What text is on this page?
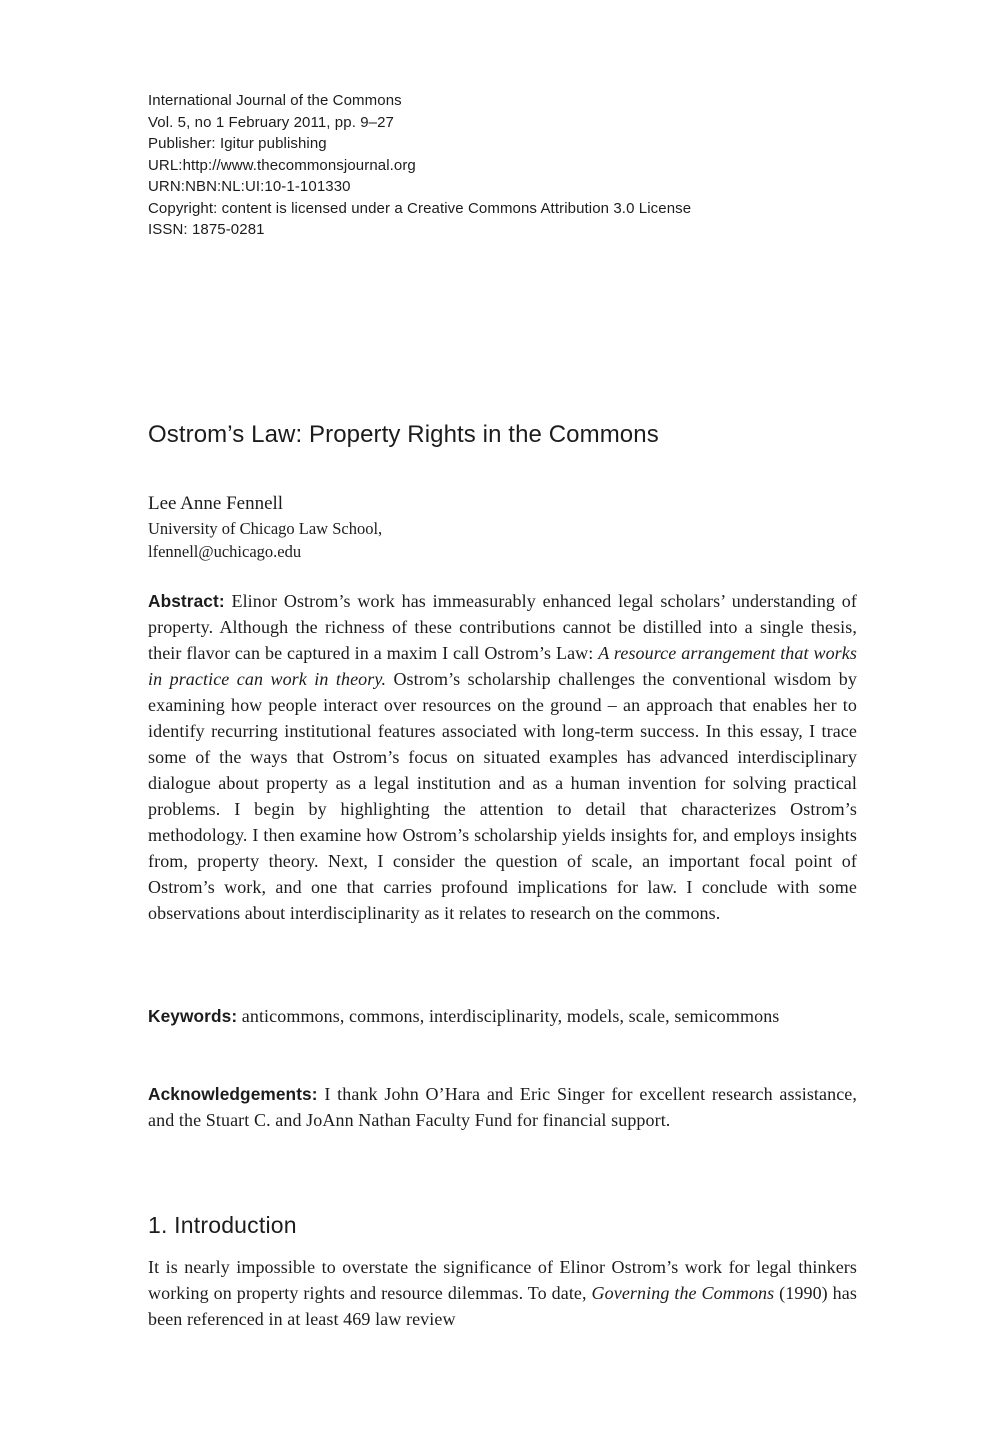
International Journal of the Commons
Vol. 5, no 1 February 2011, pp. 9–27
Publisher: Igitur publishing
URL:http://www.thecommonsjournal.org
URN:NBN:NL:UI:10-1-101330
Copyright: content is licensed under a Creative Commons Attribution 3.0 License
ISSN: 1875-0281
Ostrom’s Law: Property Rights in the Commons
Lee Anne Fennell
University of Chicago Law School,
lfennell@uchicago.edu

Abstract: Elinor Ostrom’s work has immeasurably enhanced legal scholars’ understanding of property. Although the richness of these contributions cannot be distilled into a single thesis, their flavor can be captured in a maxim I call Ostrom’s Law: A resource arrangement that works in practice can work in theory. Ostrom’s scholarship challenges the conventional wisdom by examining how people interact over resources on the ground – an approach that enables her to identify recurring institutional features associated with long-term success. In this essay, I trace some of the ways that Ostrom’s focus on situated examples has advanced interdisciplinary dialogue about property as a legal institution and as a human invention for solving practical problems. I begin by highlighting the attention to detail that characterizes Ostrom’s methodology. I then examine how Ostrom’s scholarship yields insights for, and employs insights from, property theory. Next, I consider the question of scale, an important focal point of Ostrom’s work, and one that carries profound implications for law. I conclude with some observations about interdisciplinarity as it relates to research on the commons.

Keywords: anticommons, commons, interdisciplinarity, models, scale, semicommons

Acknowledgements: I thank John O’Hara and Eric Singer for excellent research assistance, and the Stuart C. and JoAnn Nathan Faculty Fund for financial support.

1. Introduction

It is nearly impossible to overstate the significance of Elinor Ostrom’s work for legal thinkers working on property rights and resource dilemmas. To date, Governing the Commons (1990) has been referenced in at least 469 law review
